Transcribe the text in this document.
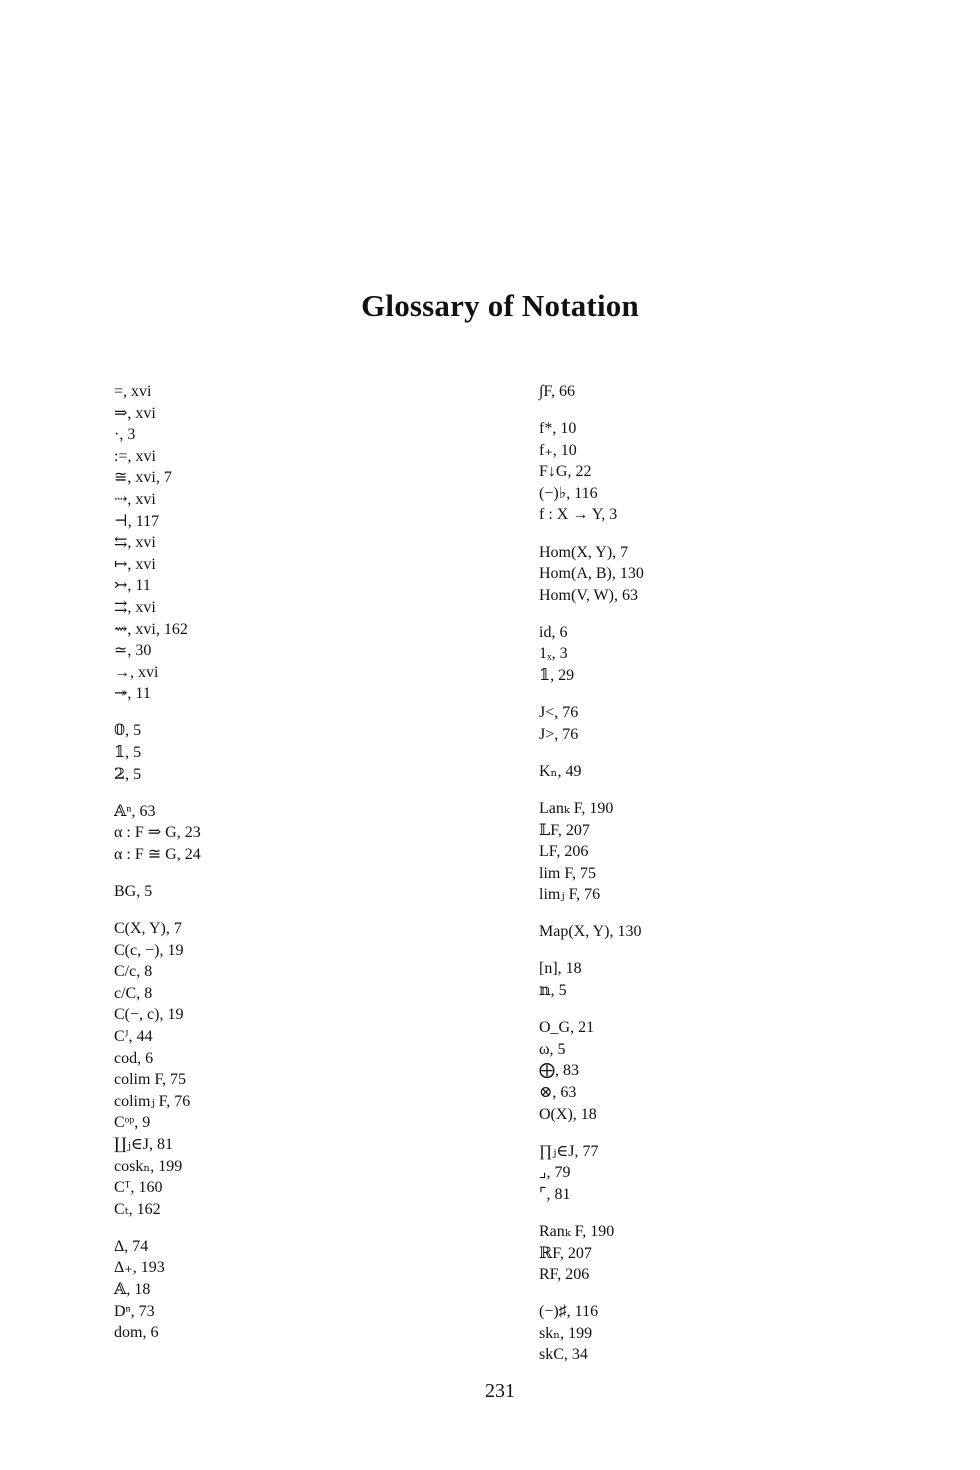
Glossary of Notation
=, xvi
⇒, xvi
·, 3
:=, xvi
≅, xvi, 7
⇢, xvi
⊣, 117
⇆, xvi
↦, xvi
↣, 11
⇉, xvi
⇝, xvi, 162
≃, 30
→, xvi
↠, 11
𝟘, 5
𝟙, 5
𝟚, 5
𝔸ⁿ, 63
α : F ⇒ G, 23
α : F ≅ G, 24
BG, 5
C(X, Y), 7
C(c, −), 19
C/c, 8
c/C, 8
C(−, c), 19
Cᴶ, 44
cod, 6
colim F, 75
colimⱼ F, 76
Cᵒᵖ, 9
∐ⱼ∈J, 81
coskₙ, 199
Cᵀ, 160
Cₜ, 162
Δ, 74
Δ₊, 193
𝔸, 18
Dⁿ, 73
dom, 6
∫F, 66
f*, 10
f₊, 10
F↓G, 22
(−)♭, 116
f : X → Y, 3
Hom(X, Y), 7
Hom(A, B), 130
Hom(V, W), 63
id, 6
1ₓ, 3
𝟙, 29
J˂, 76
J˃, 76
Kₙ, 49
Lanₖ F, 190
𝕃F, 207
LF, 206
lim F, 75
limⱼ F, 76
Map(X, Y), 130
[n], 18
𝕟, 5
O_G, 21
ω, 5
⨁, 83
⊗, 63
O(X), 18
∏ⱼ∈J, 77
⌟, 79
⌜, 81
Ranₖ F, 190
ℝF, 207
RF, 206
(−)♯, 116
skₙ, 199
skC, 34
231
